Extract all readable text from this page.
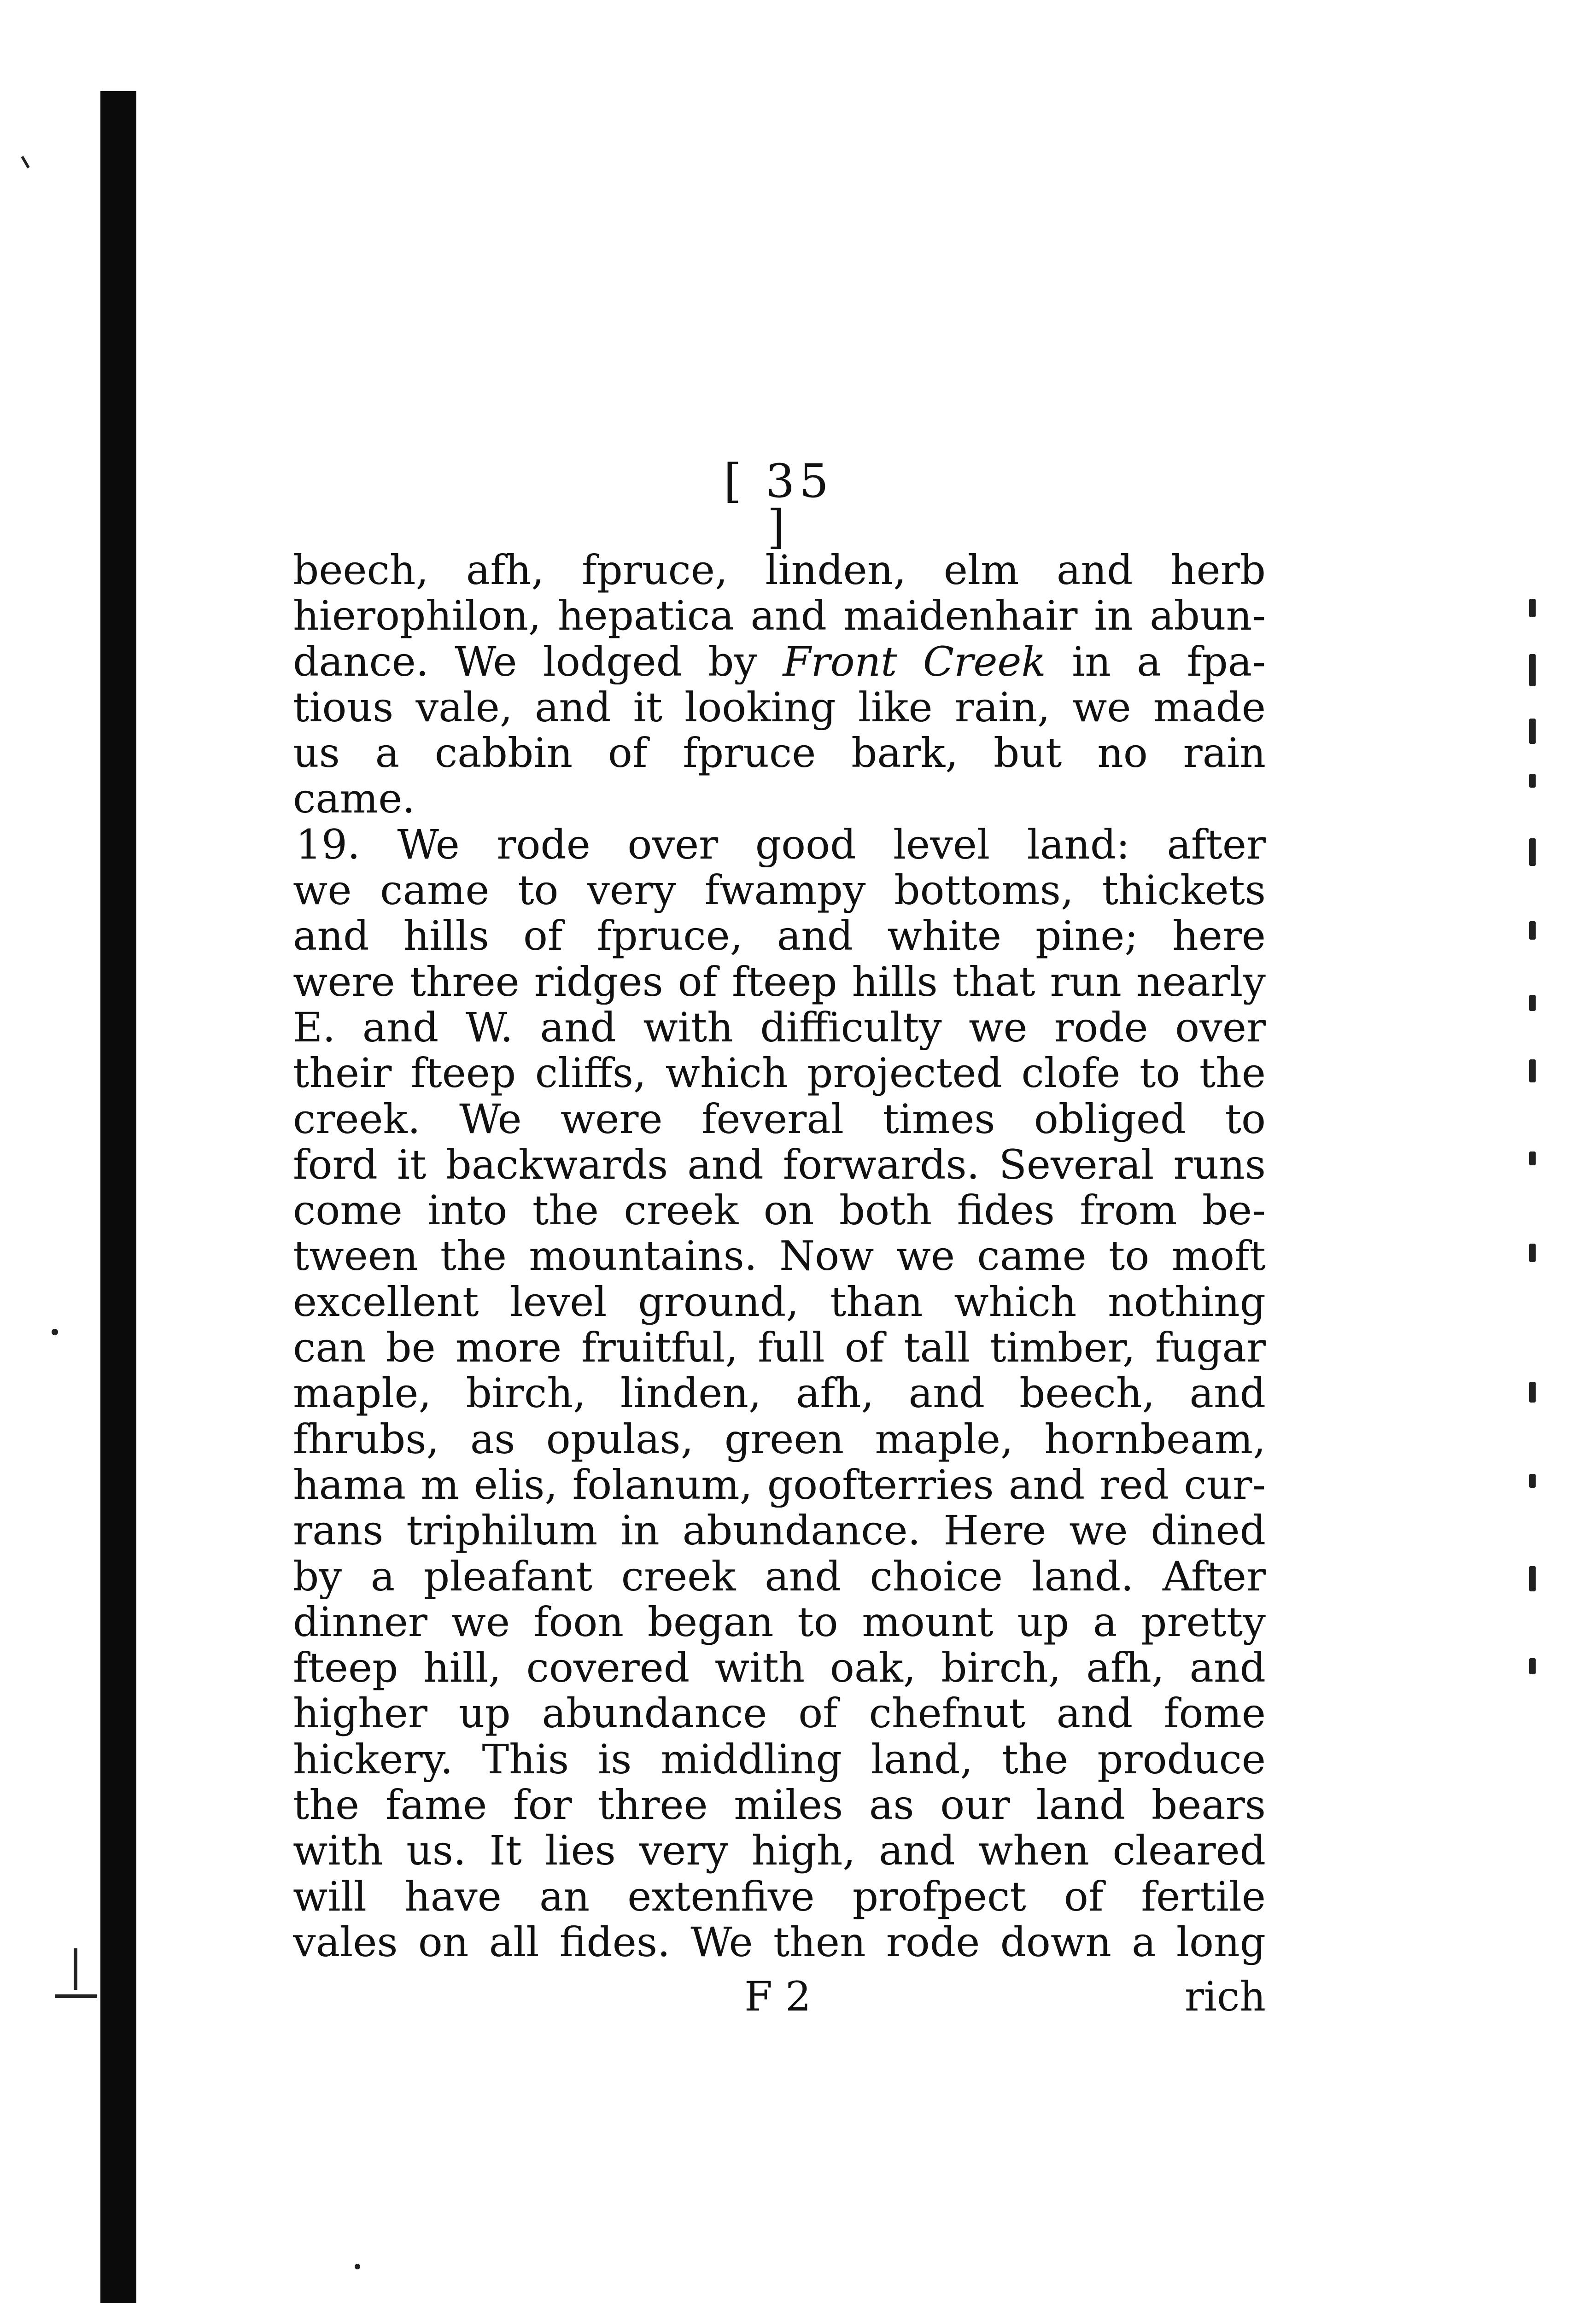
[ 35 ]
beech, afh, fpruce, linden, elm and herb
hierophilon, hepatica and maidenhair in abun-
dance. We lodged by Front Creek in a fpa-
tious vale, and it looking like rain, we made
us a cabbin of fpruce bark, but no rain
came.
19. We rode over good level land: after
we came to very fwampy bottoms, thickets
and hills of fpruce, and white pine; here
were three ridges of fteep hills that run nearly
E. and W. and with difficulty we rode over
their fteep cliffs, which projected clofe to the
creek. We were feveral times obliged to
ford it backwards and forwards. Several runs
come into the creek on both fides from be-
tween the mountains. Now we came to moft
excellent level ground, than which nothing
can be more fruitful, full of tall timber, fugar
maple, birch, linden, afh, and beech, and
fhrubs, as opulas, green maple, hornbeam,
hama m elis, folanum, goofterries and red cur-
rans triphilum in abundance. Here we dined
by a pleafant creek and choice land. After
dinner we foon began to mount up a pretty
fteep hill, covered with oak, birch, afh, and
higher up abundance of chefnut and fome
hickery. This is middling land, the produce
the fame for three miles as our land bears
with us. It lies very high, and when cleared
will have an extenfive profpect of fertile
vales on all fides. We then rode down a long
F 2	rich
